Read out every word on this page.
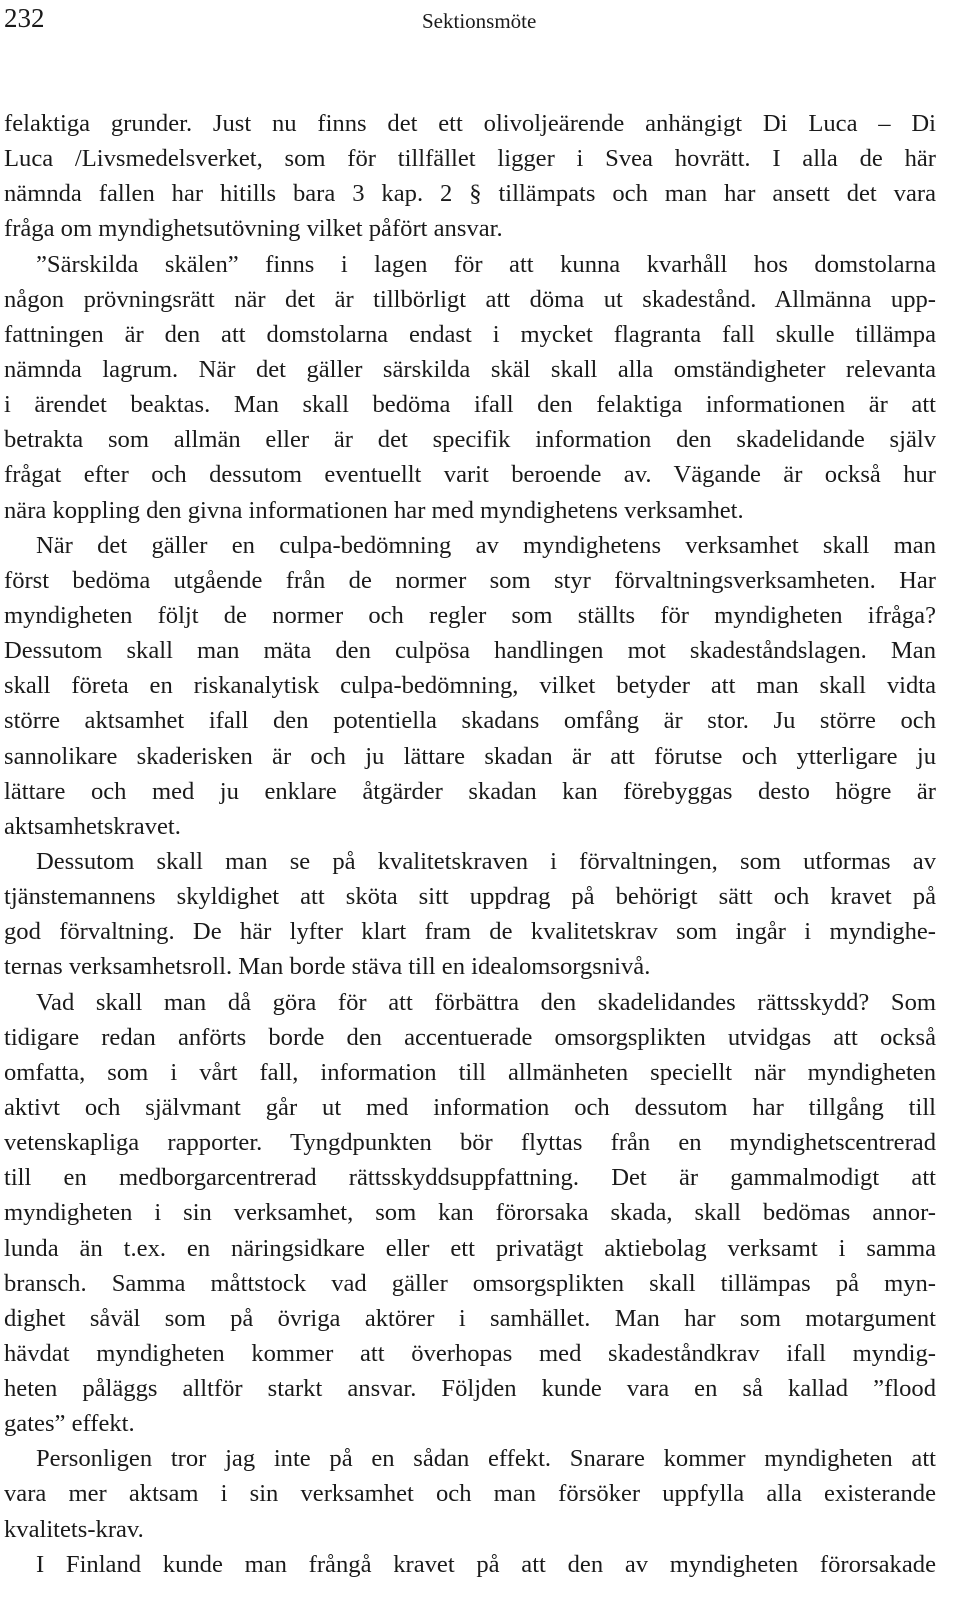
232	Sektionsmöte
felaktiga grunder. Just nu finns det ett olivoljeärende anhängigt Di Luca – Di
Luca /Livsmedelsverket, som för tillfället ligger i Svea hovrätt. I alla de här
nämnda fallen har hitills bara 3 kap. 2 § tillämpats och man har ansett det vara
fråga om myndighetsutövning vilket påfört ansvar.
”Särskilda skälen” finns i lagen för att kunna kvarhåll hos domstolarna
någon prövningsrätt när det är tillbörligt att döma ut skadestånd. Allmänna upp-
fattningen är den att domstolarna endast i mycket flagranta fall skulle tillämpa
nämnda lagrum. När det gäller särskilda skäl skall alla omständigheter relevanta
i ärendet beaktas. Man skall bedöma ifall den felaktiga informationen är att
betrakta som allmän eller är det specifik information den skadelidande själv
frågat efter och dessutom eventuellt varit beroende av. Vägande är också hur
nära koppling den givna informationen har med myndighetens verksamhet.
När det gäller en culpa-bedömning av myndighetens verksamhet skall man
först bedöma utgående från de normer som styr förvaltningsverksamheten. Har
myndigheten följt de normer och regler som ställts för myndigheten ifråga?
Dessutom skall man mäta den culpösa handlingen mot skadeståndslagen. Man
skall företa en riskanalytisk culpa-bedömning, vilket betyder att man skall vidta
större aktsamhet ifall den potentiella skadans omfång är stor. Ju större och
sannolikare skaderisken är och ju lättare skadan är att förutse och ytterligare ju
lättare och med ju enklare åtgärder skadan kan förebyggas desto högre är
aktsamhetskravet.
Dessutom skall man se på kvalitetskraven i förvaltningen, som utformas av
tjänstemannens skyldighet att sköta sitt uppdrag på behörigt sätt och kravet på
god förvaltning. De här lyfter klart fram de kvalitetskrav som ingår i myndighe-
ternas verksamhetsroll. Man borde stäva till en idealomsorgsnivå.
Vad skall man då göra för att förbättra den skadelidandes rättsskydd? Som
tidigare redan anförts borde den accentuerade omsorgsplikten utvidgas att också
omfatta, som i vårt fall, information till allmänheten speciellt när myndigheten
aktivt och självmant går ut med information och dessutom har tillgång till
vetenskapliga rapporter. Tyngdpunkten bör flyttas från en myndighetscentrerad
till en medborgarcentrerad rättsskyddsuppfattning. Det är gammalmodigt att
myndigheten i sin verksamhet, som kan förorsaka skada, skall bedömas annor-
lunda än t.ex. en näringsidkare eller ett privatägt aktiebolag verksamt i samma
bransch. Samma måttstock vad gäller omsorgsplikten skall tillämpas på myn-
dighet såväl som på övriga aktörer i samhället. Man har som motargument
hävdat myndigheten kommer att överhopas med skadeståndkrav ifall myndig-
heten påläggs alltför starkt ansvar. Följden kunde vara en så kallad ”flood
gates” effekt.
Personligen tror jag inte på en sådan effekt. Snarare kommer myndigheten att
vara mer aktsam i sin verksamhet och man försöker uppfylla alla existerande
kvalitets-krav.
I Finland kunde man frångå kravet på att den av myndigheten förorsakade
